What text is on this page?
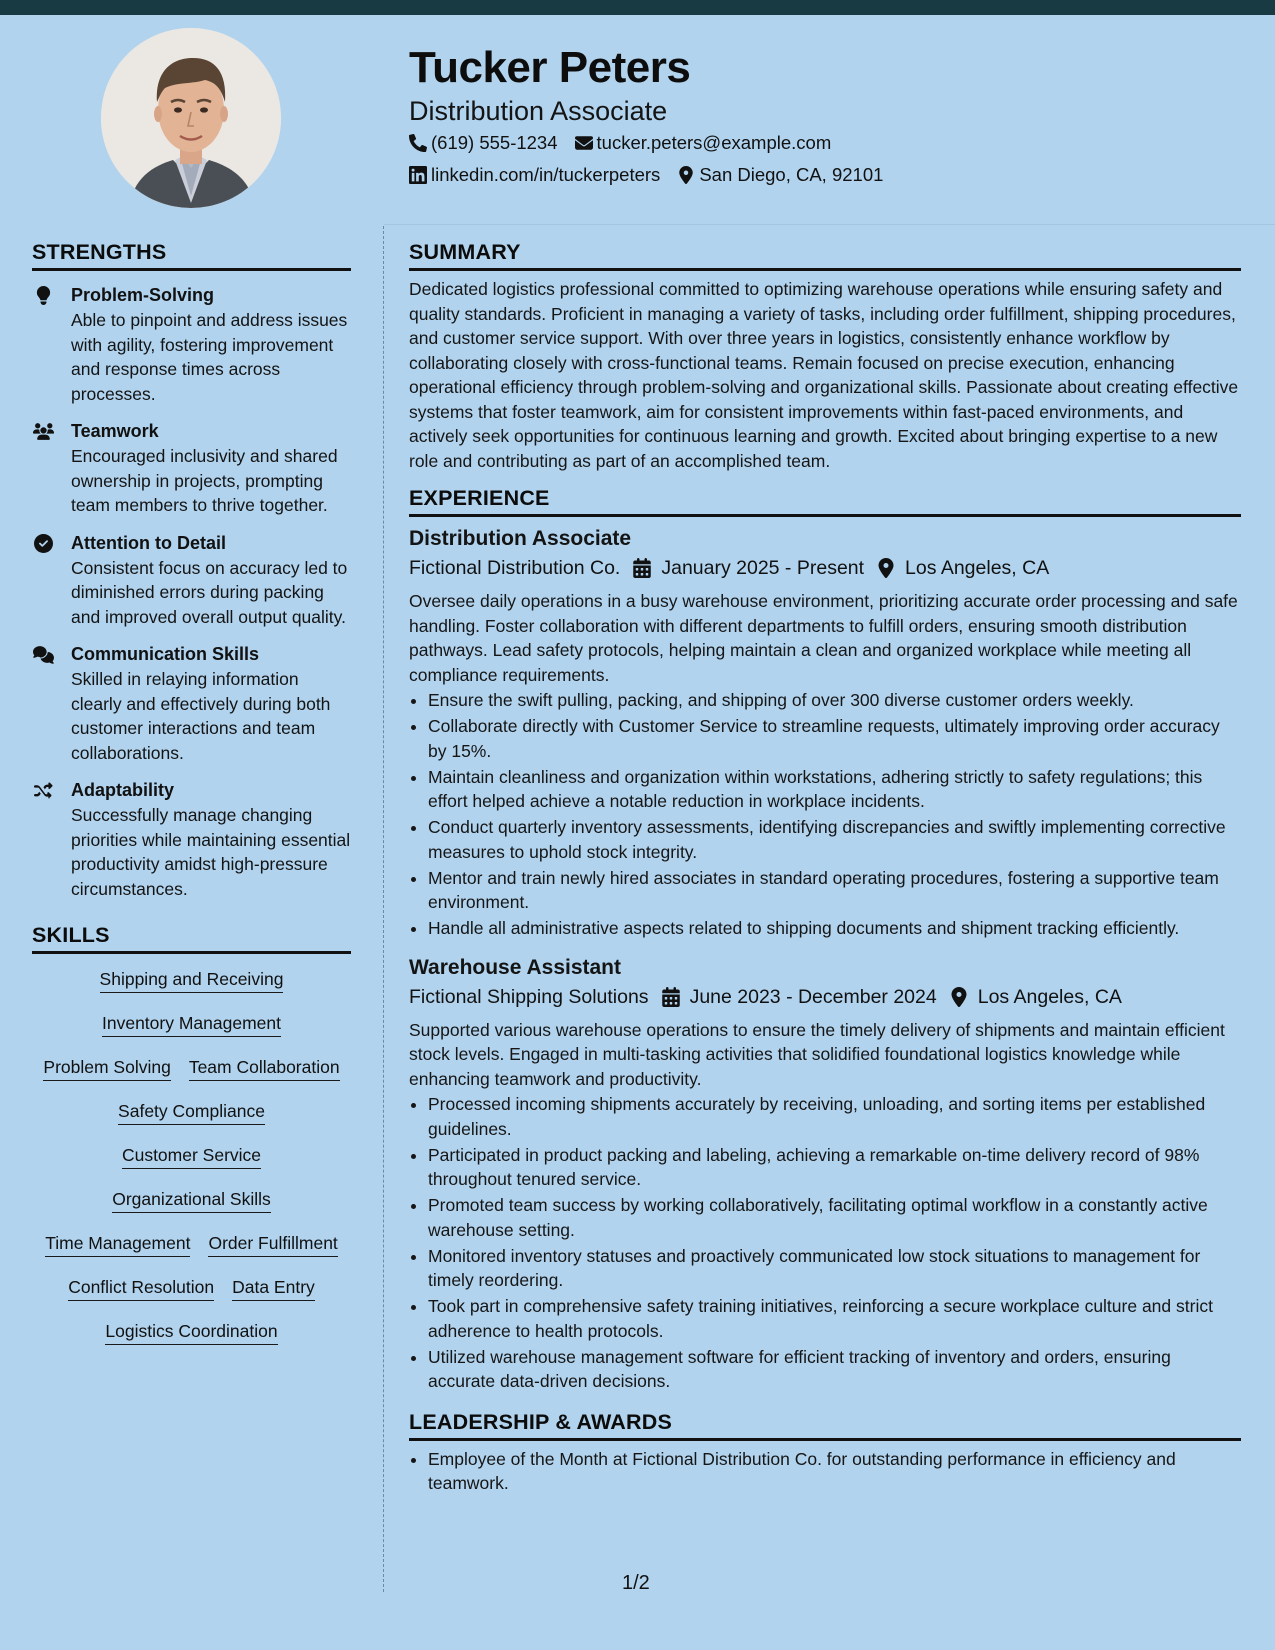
Tucker Peters
Distribution Associate
(619) 555-1234 tucker.peters@example.com
linkedin.com/in/tuckerpeters San Diego, CA, 92101
STRENGTHS
Problem-Solving
Able to pinpoint and address issues with agility, fostering improvement and response times across processes.
Teamwork
Encouraged inclusivity and shared ownership in projects, prompting team members to thrive together.
Attention to Detail
Consistent focus on accuracy led to diminished errors during packing and improved overall output quality.
Communication Skills
Skilled in relaying information clearly and effectively during both customer interactions and team collaborations.
Adaptability
Successfully manage changing priorities while maintaining essential productivity amidst high-pressure circumstances.
SKILLS
Shipping and Receiving
Inventory Management
Problem Solving Team Collaboration
Safety Compliance
Customer Service
Organizational Skills
Time Management Order Fulfillment
Conflict Resolution Data Entry
Logistics Coordination
SUMMARY
Dedicated logistics professional committed to optimizing warehouse operations while ensuring safety and quality standards. Proficient in managing a variety of tasks, including order fulfillment, shipping procedures, and customer service support. With over three years in logistics, consistently enhance workflow by collaborating closely with cross-functional teams. Remain focused on precise execution, enhancing operational efficiency through problem-solving and organizational skills. Passionate about creating effective systems that foster teamwork, aim for consistent improvements within fast-paced environments, and actively seek opportunities for continuous learning and growth. Excited about bringing expertise to a new role and contributing as part of an accomplished team.
EXPERIENCE
Distribution Associate
Fictional Distribution Co. January 2025 - Present Los Angeles, CA
Oversee daily operations in a busy warehouse environment, prioritizing accurate order processing and safe handling. Foster collaboration with different departments to fulfill orders, ensuring smooth distribution pathways. Lead safety protocols, helping maintain a clean and organized workplace while meeting all compliance requirements.
• Ensure the swift pulling, packing, and shipping of over 300 diverse customer orders weekly.
• Collaborate directly with Customer Service to streamline requests, ultimately improving order accuracy by 15%.
• Maintain cleanliness and organization within workstations, adhering strictly to safety regulations; this effort helped achieve a notable reduction in workplace incidents.
• Conduct quarterly inventory assessments, identifying discrepancies and swiftly implementing corrective measures to uphold stock integrity.
• Mentor and train newly hired associates in standard operating procedures, fostering a supportive team environment.
• Handle all administrative aspects related to shipping documents and shipment tracking efficiently.
Warehouse Assistant
Fictional Shipping Solutions June 2023 - December 2024 Los Angeles, CA
Supported various warehouse operations to ensure the timely delivery of shipments and maintain efficient stock levels. Engaged in multi-tasking activities that solidified foundational logistics knowledge while enhancing teamwork and productivity.
• Processed incoming shipments accurately by receiving, unloading, and sorting items per established guidelines.
• Participated in product packing and labeling, achieving a remarkable on-time delivery record of 98% throughout tenured service.
• Promoted team success by working collaboratively, facilitating optimal workflow in a constantly active warehouse setting.
• Monitored inventory statuses and proactively communicated low stock situations to management for timely reordering.
• Took part in comprehensive safety training initiatives, reinforcing a secure workplace culture and strict adherence to health protocols.
• Utilized warehouse management software for efficient tracking of inventory and orders, ensuring accurate data-driven decisions.
LEADERSHIP & AWARDS
• Employee of the Month at Fictional Distribution Co. for outstanding performance in efficiency and teamwork.
1/2
